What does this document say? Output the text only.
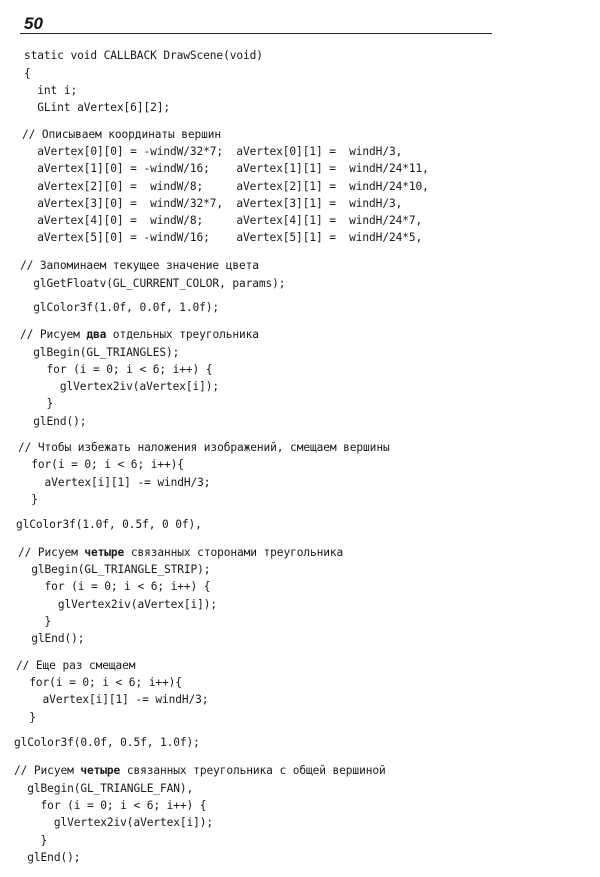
50
static void CALLBACK DrawScene(void)
{
int i;
GLint aVertex[6][2];
// Описываем координаты вершин
aVertex[0][0] = -windW/32*7;  aVertex[0][1] =  windH/3,
aVertex[1][0] = -windW/16;    aVertex[1][1] =  windH/24*11,
aVertex[2][0] =  windW/8;     aVertex[2][1] =  windH/24*10,
aVertex[3][0] =  windW/32*7,  aVertex[3][1] =  windH/3,
aVertex[4][0] =  windW/8;     aVertex[4][1] =  windH/24*7,
aVertex[5][0] = -windW/16;    aVertex[5][1] =  windH/24*5,
// Запоминаем текущее значение цвета
glGetFloatv(GL_CURRENT_COLOR, params);
glColor3f(1.0f, 0.0f, 1.0f);
// Рисуем два отдельных треугольника
glBegin(GL_TRIANGLES);
for (i = 0; i < 6; i++) {
glVertex2iv(aVertex[i]);
}
glEnd();
// Чтобы избежать наложения изображений, смещаем вершины
for(i = 0; i < 6; i++){
aVertex[i][1] -= windH/3;
}
glColor3f(1.0f, 0.5f, 0 0f),
// Рисуем четыре связанных сторонами треугольника
glBegin(GL_TRIANGLE_STRIP);
for (i = 0; i < 6; i++) {
glVertex2iv(aVertex[i]);
}
glEnd();
// Еще раз смещаем
for(i = 0; i < 6; i++){
aVertex[i][1] -= windH/3;
}
glColor3f(0.0f, 0.5f, 1.0f);
// Рисуем четыре связанных треугольника с общей вершиной
glBegin(GL_TRIANGLE_FAN),
for (i = 0; i < 6; i++) {
glVertex2iv(aVertex[i]);
}
glEnd();
